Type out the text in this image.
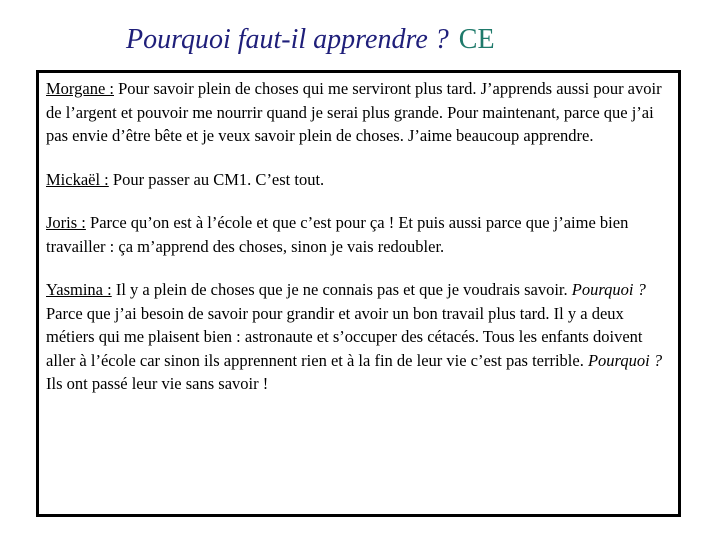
Pourquoi faut-il apprendre ? CE

Morgane : Pour savoir plein de choses qui me serviront plus tard. J’apprends aussi pour avoir de l’argent et pouvoir me nourrir quand je serai plus grande. Pour maintenant, parce que j’ai pas envie d’être bête et je veux savoir plein de choses. J’aime beaucoup apprendre.

Mickaël : Pour passer au CM1. C’est tout.

Joris : Parce qu’on est à l’école et que c’est pour ça ! Et puis aussi parce que j’aime bien travailler : ça m’apprend des choses, sinon je vais redoubler.

Yasmina : Il y a plein de choses que je ne connais pas et que je voudrais savoir. Pourquoi ? Parce que j’ai besoin de savoir pour grandir et avoir un bon travail plus tard. Il y a deux métiers qui me plaisent bien : astronaute et s’occuper des cétacés. Tous les enfants doivent aller à l’école car sinon ils apprennent rien et à la fin de leur vie c’est pas terrible. Pourquoi ? Ils ont passé leur vie sans savoir !
